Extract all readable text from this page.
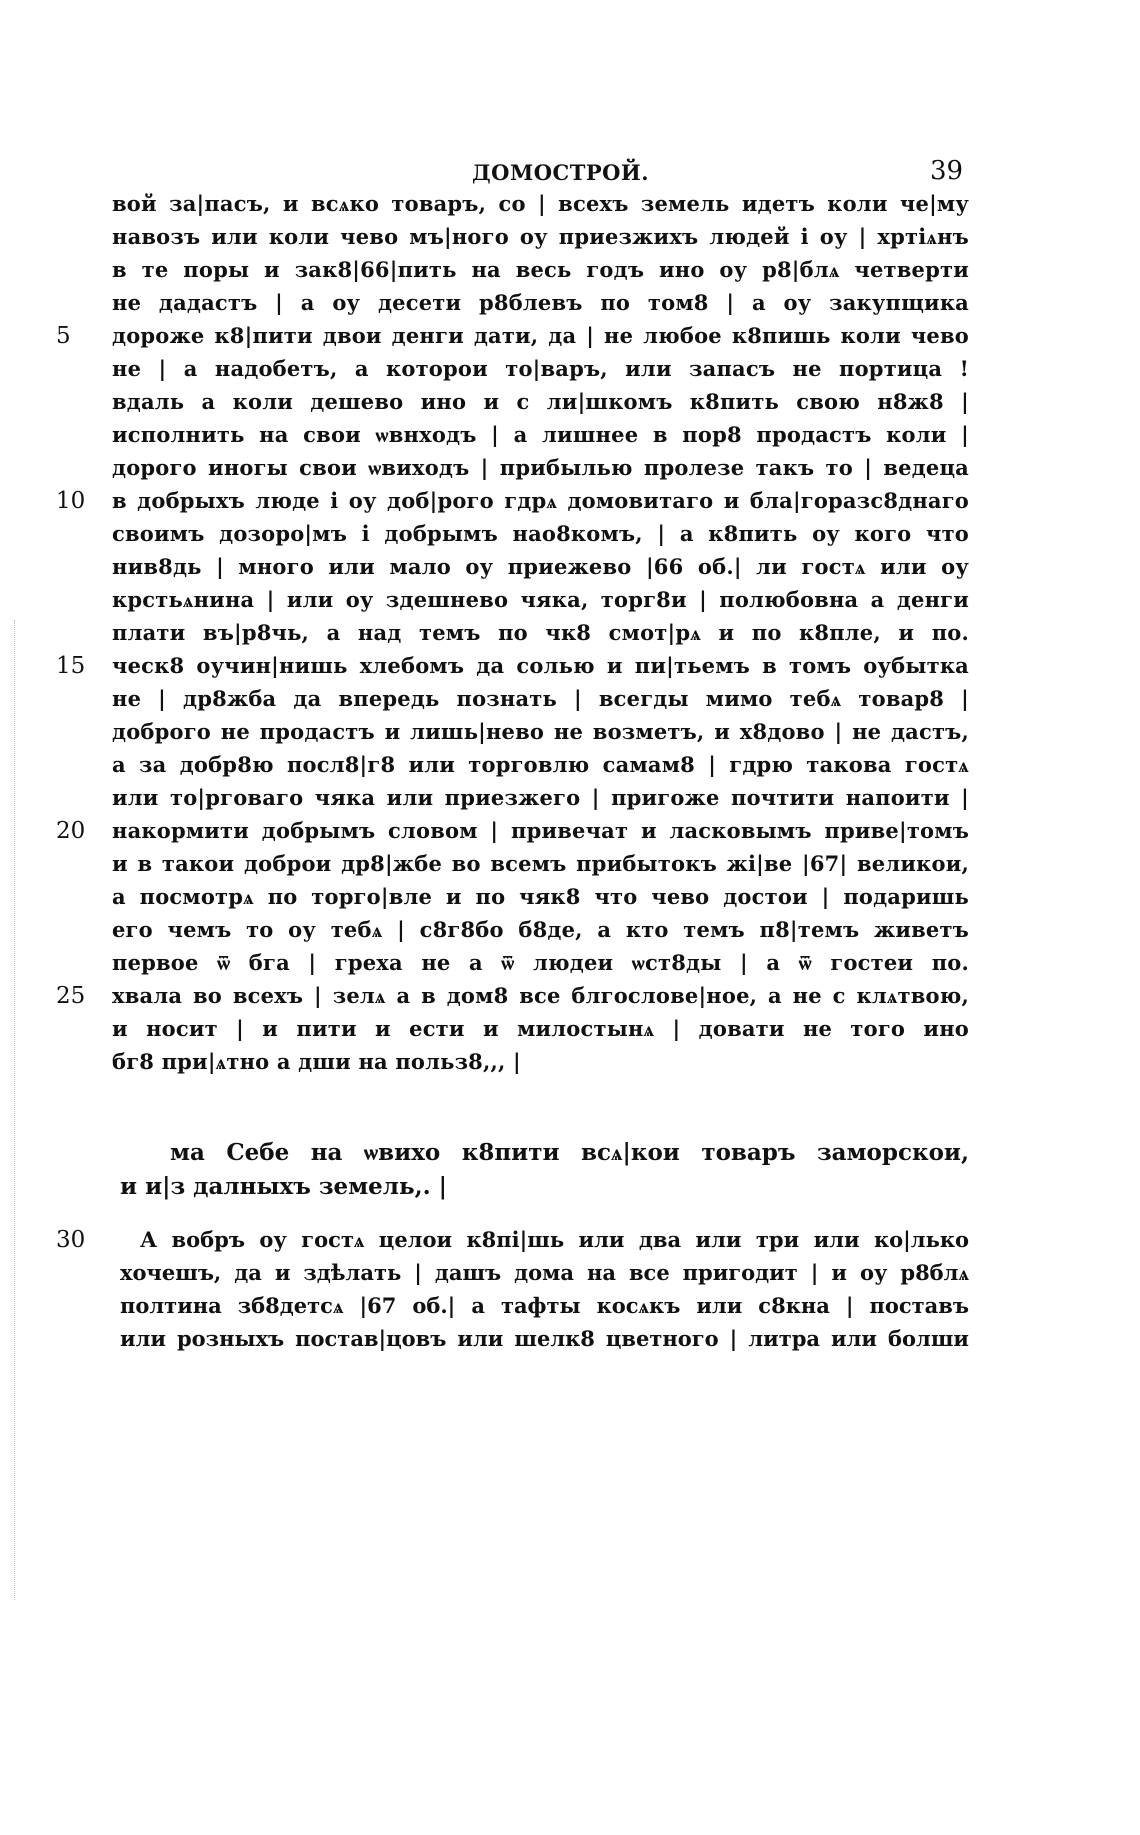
ДОМОСТРОЙ.	39
вой за|пасъ, и всѧко товаръ, со | всехъ земель идетъ коли че|му
навозъ или коли чево мъ|ного оу приезжихъ людей і оу | хртіѧнъ
в те поры и зак8|66|пить на весь годъ ино оу р8|блѧ четверти
не дадастъ | а оу десети р8блевъ по том8 | а оу закупщика
дороже к8|пити двои денги дати, да | не любое к8пишь коли чево
не | а надобетъ, а которои то|варъ, или запасъ не портица !
вдаль а коли дешево ино и с ли|шкомъ к8пить свою н8ж8 |
исполнить на свои ѡвнходъ | а лишнее в пор8 продастъ коли |
дорого иногы свои ѡвиходъ | прибылью пролезе такъ то | ведеца
в добрыхъ люде і оу доб|рого гдрѧ домовитаго и бла|горазс8днаго
своимъ дозоро|мъ і добрымъ нао8комъ, | а к8пить оу кого что
нив8дь | много или мало оу приежево |66 об.| ли гостѧ или оу
крстьѧнина | или оу здешнево чяка, торг8и | полюбовна а денги
плати въ|р8чь, а над темъ по чк8 смот|рѧ и по к8пле, и по.
ческ8 оучин|нишь хлебомъ да солью и пи|тьемъ в томъ оубытка
не | др8жба да впередь познать | всегды мимо тебѧ товар8 |
доброго не продастъ и лишь|нево не возметъ, и х8дово | не дастъ,
а за добр8ю посл8|г8 или торговлю самам8 | гдрю такова гостѧ
или то|рговаго чяка или приезжего | пригоже почтити напоити |
накормити добрымъ словом | привечат и ласковымъ приве|томъ
и в такои доброи др8|жбе во всемъ прибытокъ жі|ве |67| великои,
а посмотрѧ по торго|вле и по чяк8 что чево достои | подаришь
его чемъ то оу тебѧ | с8г8бо б8де, а кто темъ п8|темъ живетъ
первое ѿ бга | греха не а ѿ людеи ѡст8ды | а ѿ гостеи по.
хвала во всехъ | зелѧ а в дом8 все блгослове|ное, а не с клѧтвою,
и носит | и пити и ести и милостынѧ | довати не того ино
бг8 при|ѧтно а дши на польз8,,, |
5
10
15
20
25
30
ма Себе на ѡвихо к8пити всѧ|кои товаръ заморскои,
и и|з далныхъ земель,. |
А вобръ оу гостѧ целои к8пі|шь или два или три или ко|лько
хочешъ, да и здѣлать | дашъ дома на все пригодит | и оу р8блѧ
полтина зб8детсѧ |67 об.| а тафты косѧкъ или с8кна | поставъ
или розныхъ постав|цовъ или шелк8 цветного | литра или болши
